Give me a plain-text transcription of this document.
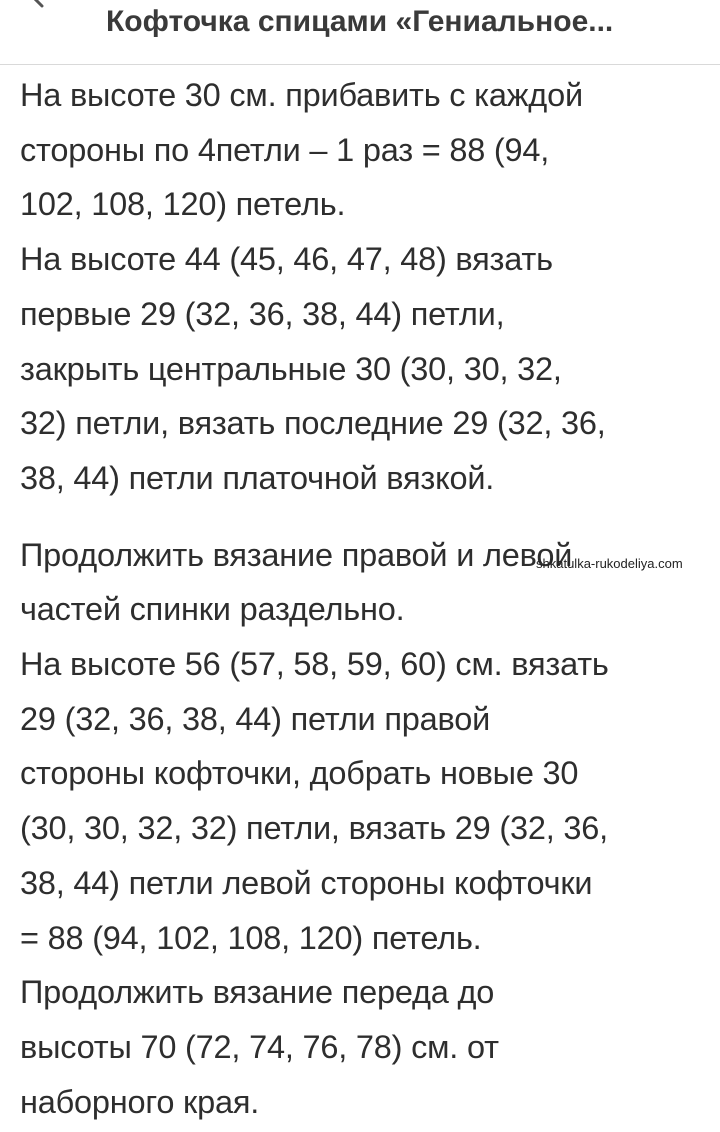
Кофточка спицами «Гениальное...
На высоте 30 см. прибавить с каждой
стороны по 4петли – 1 раз = 88 (94,
102, 108, 120) петель.
На высоте 44 (45, 46, 47, 48) вязать
первые 29 (32, 36, 38, 44) петли,
закрыть центральные 30 (30, 30, 32,
32) петли, вязать последние 29 (32, 36,
38, 44) петли платочной вязкой.
Продолжить вязание правой и левой
частей спинки раздельно.
На высоте 56 (57, 58, 59, 60) см. вязать
29 (32, 36, 38, 44) петли правой
стороны кофточки, добрать новые 30
(30, 30, 32, 32) петли, вязать 29 (32, 36,
38, 44) петли левой стороны кофточки
= 88 (94, 102, 108, 120) петель.
Продолжить вязание переда до
высоты 70 (72, 74, 76, 78) см. от
наборного края.
shkatulka-rukodeliya.com
